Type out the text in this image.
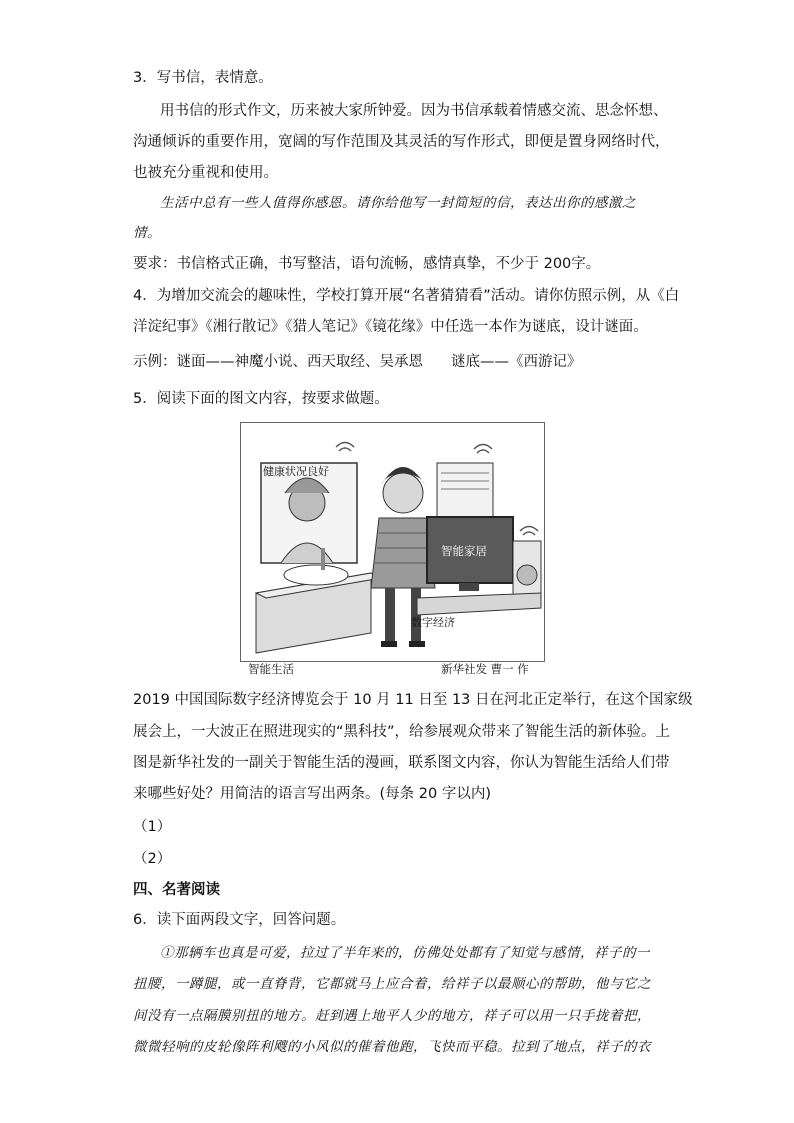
3．写书信，表情意。
用书信的形式作文，历来被大家所钟爱。因为书信承载着情感交流、思念怀想、
沟通倾诉的重要作用，宽阔的写作范围及其灵活的写作形式，即便是置身网络时代，
也被充分重视和使用。
生活中总有一些人值得你感恩。请你给他写一封简短的信，表达出你的感激之
情。
要求：书信格式正确，书写整洁，语句流畅，感情真挚，不少于 200字。
4．为增加交流会的趣味性，学校打算开展“名著猜猜看”活动。请你仿照示例，从《白
洋淀纪事》《湘行散记》《猎人笔记》《镜花缘》中任选一本作为谜底，设计谜面。
示例：谜面——神魔小说、西天取经、吴承恩 谜底——《西游记》
5．阅读下面的图文内容，按要求做题。
健康状况良好
智能家居
数字经济
智能生活	新华社发 曹一 作
2019 中国国际数字经济博览会于 10 月 11 日至 13 日在河北正定举行，在这个国家级
展会上，一大波正在照进现实的“黑科技”，给参展观众带来了智能生活的新体验。上
图是新华社发的一副关于智能生活的漫画，联系图文内容，你认为智能生活给人们带
来哪些好处？用简洁的语言写出两条。(每条 20 字以内)
（1）
（2）
四、名著阅读
6．读下面两段文字，回答问题。
①那辆车也真是可爱，拉过了半年来的，仿佛处处都有了知觉与感情，祥子的一
扭腰，一蹲腿，或一直脊背，它都就马上应合着，给祥子以最顺心的帮助，他与它之
间没有一点隔膜别扭的地方。赶到遇上地平人少的地方，祥子可以用一只手拢着把，
微微轻响的皮轮像阵利飕的小风似的催着他跑，飞快而平稳。拉到了地点，祥子的衣
